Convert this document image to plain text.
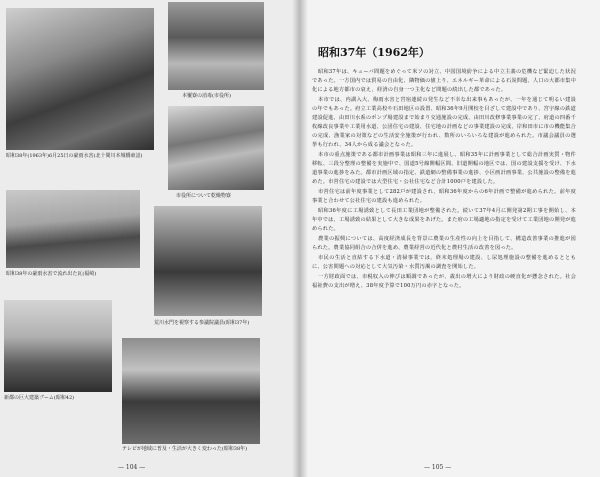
昭和38年(1963年)6月25日の豪雨水害(北十間川本城橋東詰)
本覆寮の消毒(市役所)
市役所について乾燥物寮
昭和38年の豪雨水害で流れ出た瓦(福崎)
荒川水門を視察する参議院議員(昭和37年)
新都の巨大建築ブーム(昭和42)
テレビが地域に普及・生活が大きく変わった(昭和38年)
— 104 —
昭和37年（1962年）

昭和37年は、キューバ問題をめぐって米ソの対立、中国国境紛争による中立主義の危機など緊迫した状況であった。一方国内では貿易の自由化、隣物価の値上り、エネルギー革命による石炭問題、人口の大都市集中化による地方都市の衰え、経済の自身一つ主化など問題の続出した都であった。

本市では、内湖入大、梅雨水害と宮宿連続の発生など不幸な出来事もあったが、一年を通じて明るい建設の年でもあった。府立工業高校や石田地区の設置、昭和36年9月開校を目ざして建設中であり、宮宇線の鉄道建設促進、由田川水系のポンプ場建設まで始まり交通施設の完成、由田川改修事業事業の完了、府道の四番千枚線改良事業や工業用水道、公団住宅の建設、住宅地の計画などの事業建設の完成、岸和田市に市の機能集合の完成、漁業家の対策などの生活安全施策が行われ、数所のいろいろな建設が進められた。市議会議員の選挙も行われ、34人から成る議会となった。

本市の重点施策である都市計画事業は昭和三年に進展し、昭和35年に計画事業として総合計画実質・物件移転、三段分整理の整備を実施中で、国道5号線開幅区間、旧道開幅の地区では、国の建設支援を受け、下水道事業の進捗をみた。都市計画区域の指定、鉄道網の整備事業の進捗、小区画計画事業、公共施設の整備を進めた。市営住宅の建設では大型住宅・公社住宅など合計1000戸を建設した。

市営住宅は前年度事業として282戸が建設され、昭和36年度からの6年計画で整備が進められた。前年度事業と合わせて公社住宅の建設も進められた。

昭和36年度に工場誘致として長田工業団地が整備された。続いて37年4月に開発第2期工事を開始し、本年中では、工場誘致の結果として大きな成果をあげた。また府の工場適地の指定を受けて工業団地の開発が進められた。

農業の振興については、高度経済成長を背景に農業の生産性の向上を目指して、構造改善事業の推進が図られた。農業協同組合の合併を進め、農業経営の近代化と農村生活の改善を図った。

市民の生活と直結する下水道・清掃事業では、終末処理場の建設、し尿処理施設の整備を進めるとともに、公害問題への対応として大気汚染・水質汚濁の調査を開始した。

一方財政面では、市税収入の伸びは順調であったが、歳出の増大により財政の硬直化が懸念された。社会福祉費の支出が増え、38年度予算で100万円の赤字となった。

— 105 —
